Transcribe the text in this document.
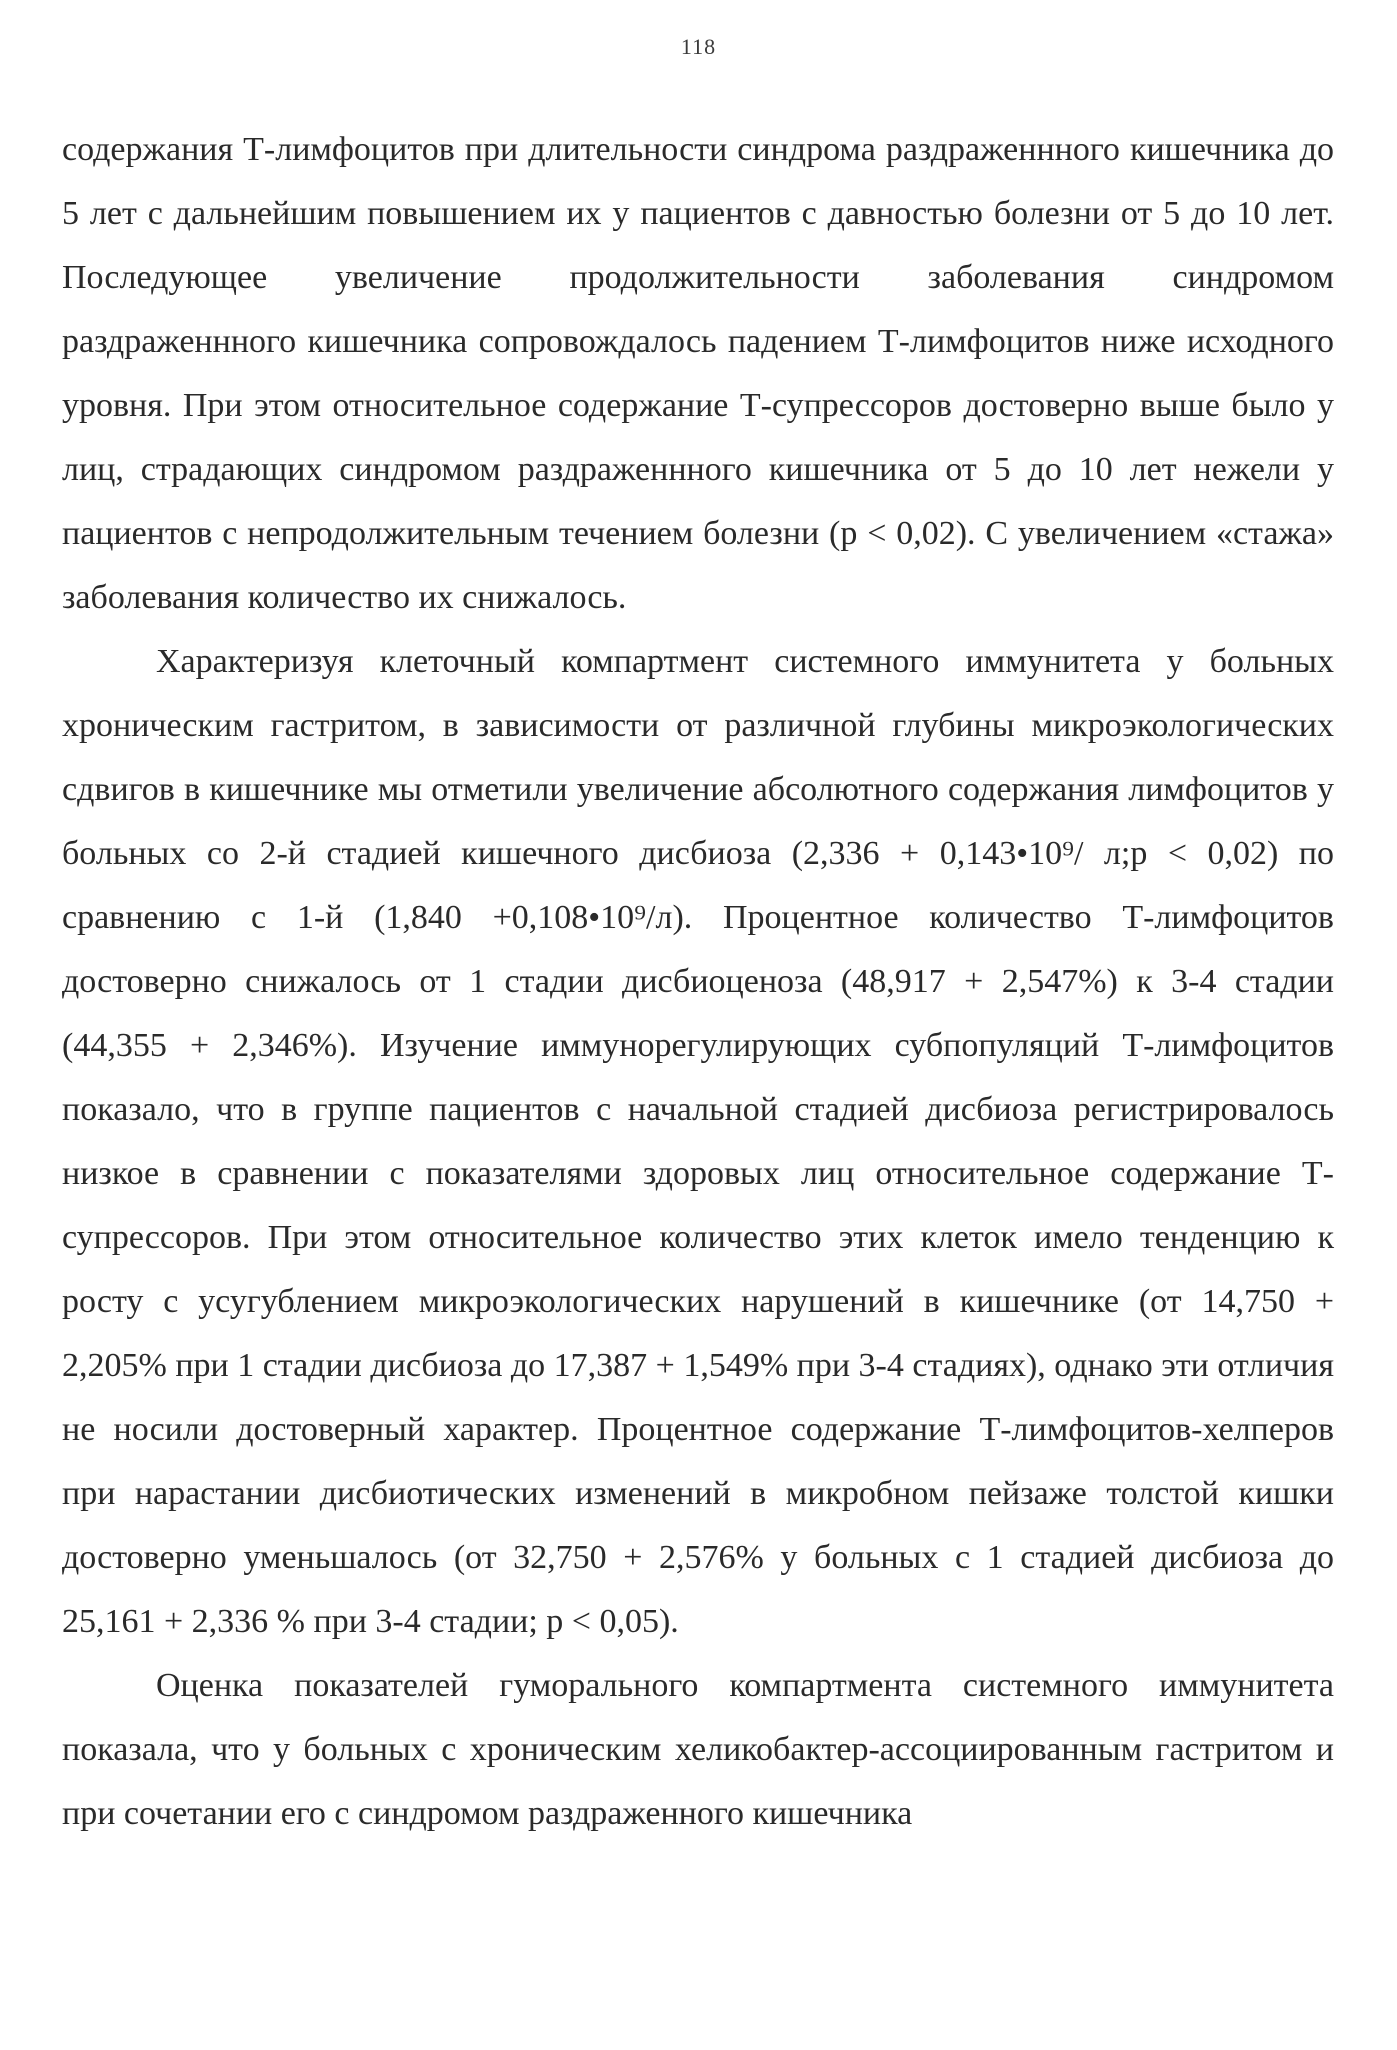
118

содержания Т-лимфоцитов при длительности синдрома раздраженнного кишечника до 5 лет с дальнейшим повышением их у пациентов с давностью болезни от 5 до 10 лет. Последующее увеличение продолжительности заболевания синдромом раздраженнного кишечника сопровождалось падением Т-лимфоцитов ниже исходного уровня. При этом относительное содержание Т-супрессоров достоверно выше было у лиц, страдающих синдромом раздраженнного кишечника от 5 до 10 лет нежели у пациентов с непродолжительным течением болезни (р < 0,02). С увеличением «стажа» заболевания количество их снижалось.

Характеризуя клеточный компартмент системного иммунитета у больных хроническим гастритом, в зависимости от различной глубины микроэкологических сдвигов в кишечнике мы отметили увеличение абсолютного содержания лимфоцитов у больных со 2-й стадией кишечного дисбиоза (2,336 + 0,143•10⁹/ л;р < 0,02) по сравнению с 1-й (1,840 +0,108•10⁹/л). Процентное количество Т-лимфоцитов достоверно снижалось от 1 стадии дисбиоценоза (48,917 + 2,547%) к 3-4 стадии (44,355 + 2,346%). Изучение иммунорегулирующих субпопуляций Т-лимфоцитов показало, что в группе пациентов с начальной стадией дисбиоза регистрировалось низкое в сравнении с показателями здоровых лиц относительное содержание Т-супрессоров. При этом относительное количество этих клеток имело тенденцию к росту с усугублением микроэкологических нарушений в кишечнике (от 14,750 + 2,205% при 1 стадии дисбиоза до 17,387 + 1,549% при 3-4 стадиях), однако эти отличия не носили достоверный характер. Процентное содержание Т-лимфоцитов-хелперов при нарастании дисбиотических изменений в микробном пейзаже толстой кишки достоверно уменьшалось (от 32,750 + 2,576% у больных с 1 стадией дисбиоза до 25,161 + 2,336 % при 3-4 стадии; р < 0,05).

Оценка показателей гуморального компартмента системного иммунитета показала, что у больных с хроническим хеликобактер-ассоциированным гастритом и при сочетании его с синдромом раздраженного кишечника
